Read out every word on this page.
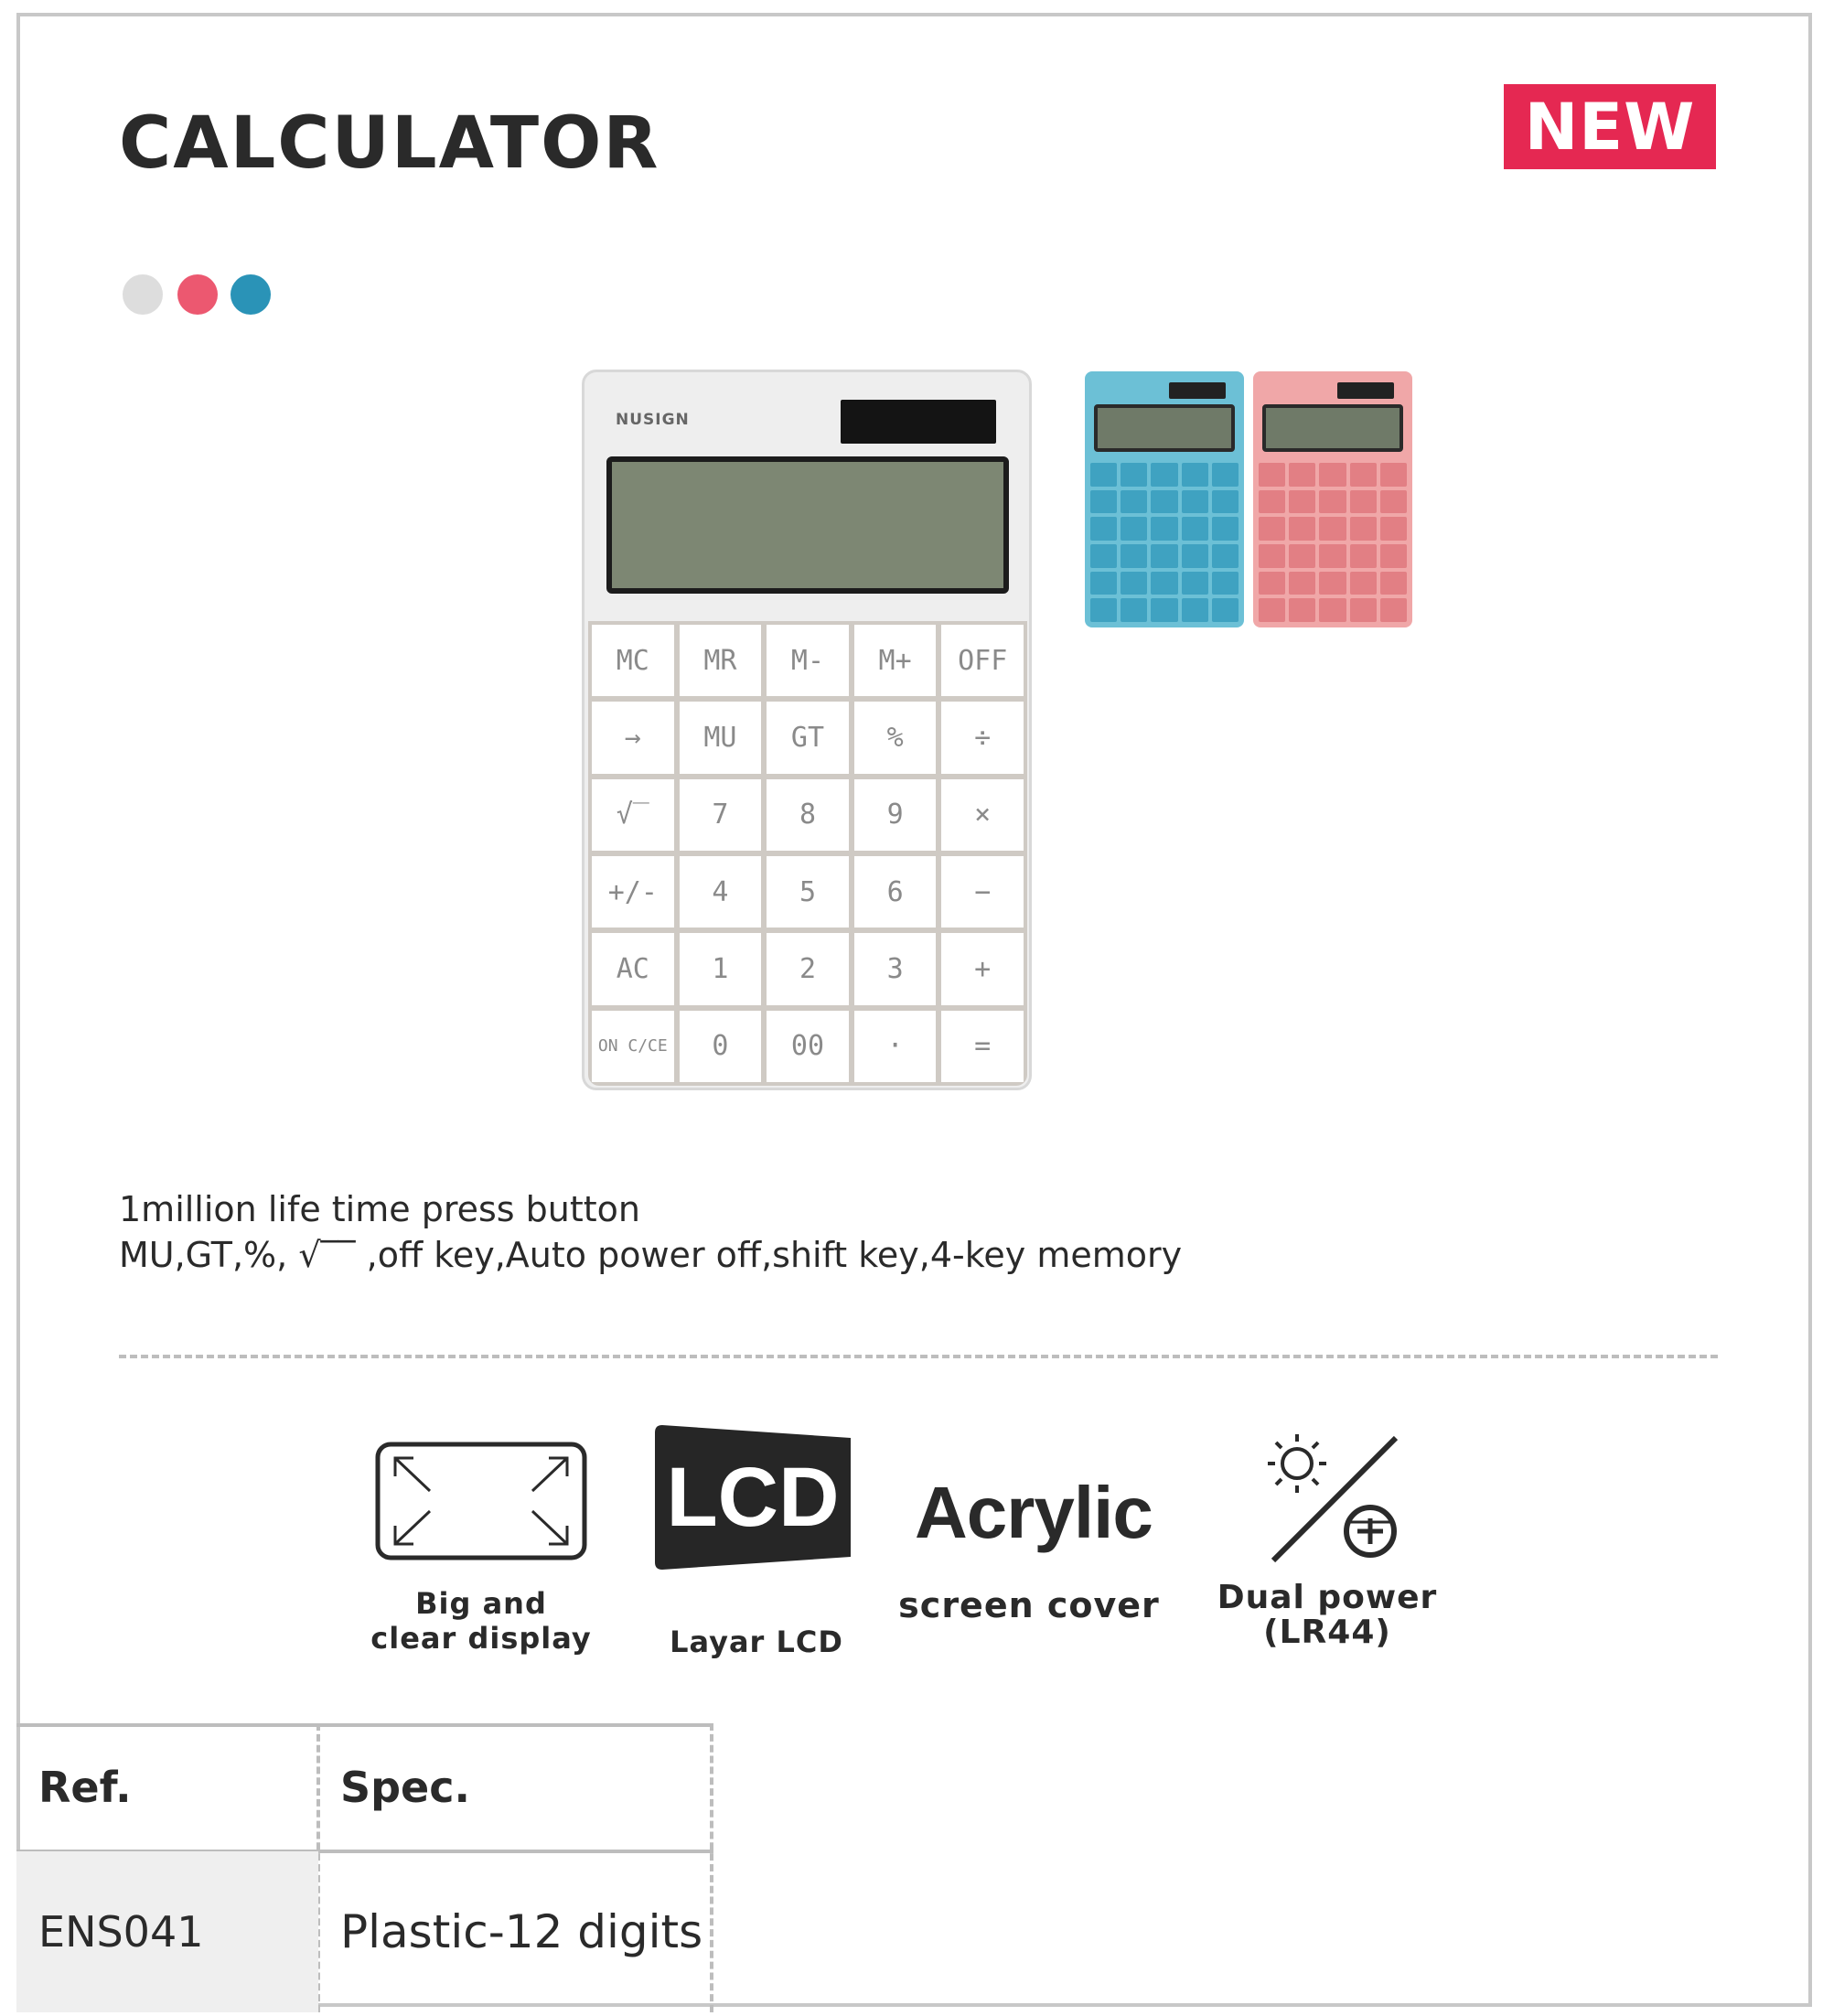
CALCULATOR	NEW
NUSIGN
MC	MR	M-	M+	OFF
→	MU	GT	%	÷
√‾	7	8	9	×
+/-	4	5	6	−
AC	1	2	3	+
ON C/CE	0	00	·	=
1million life time press button
MU,GT,%, √‾‾ ,off key,Auto power off,shift key,4-key memory
Big and
clear display
LCD
Layar LCD
Acrylic
screen cover Dual power
(LR44)
Ref.	Spec.
ENS041	Plastic-12 digits
